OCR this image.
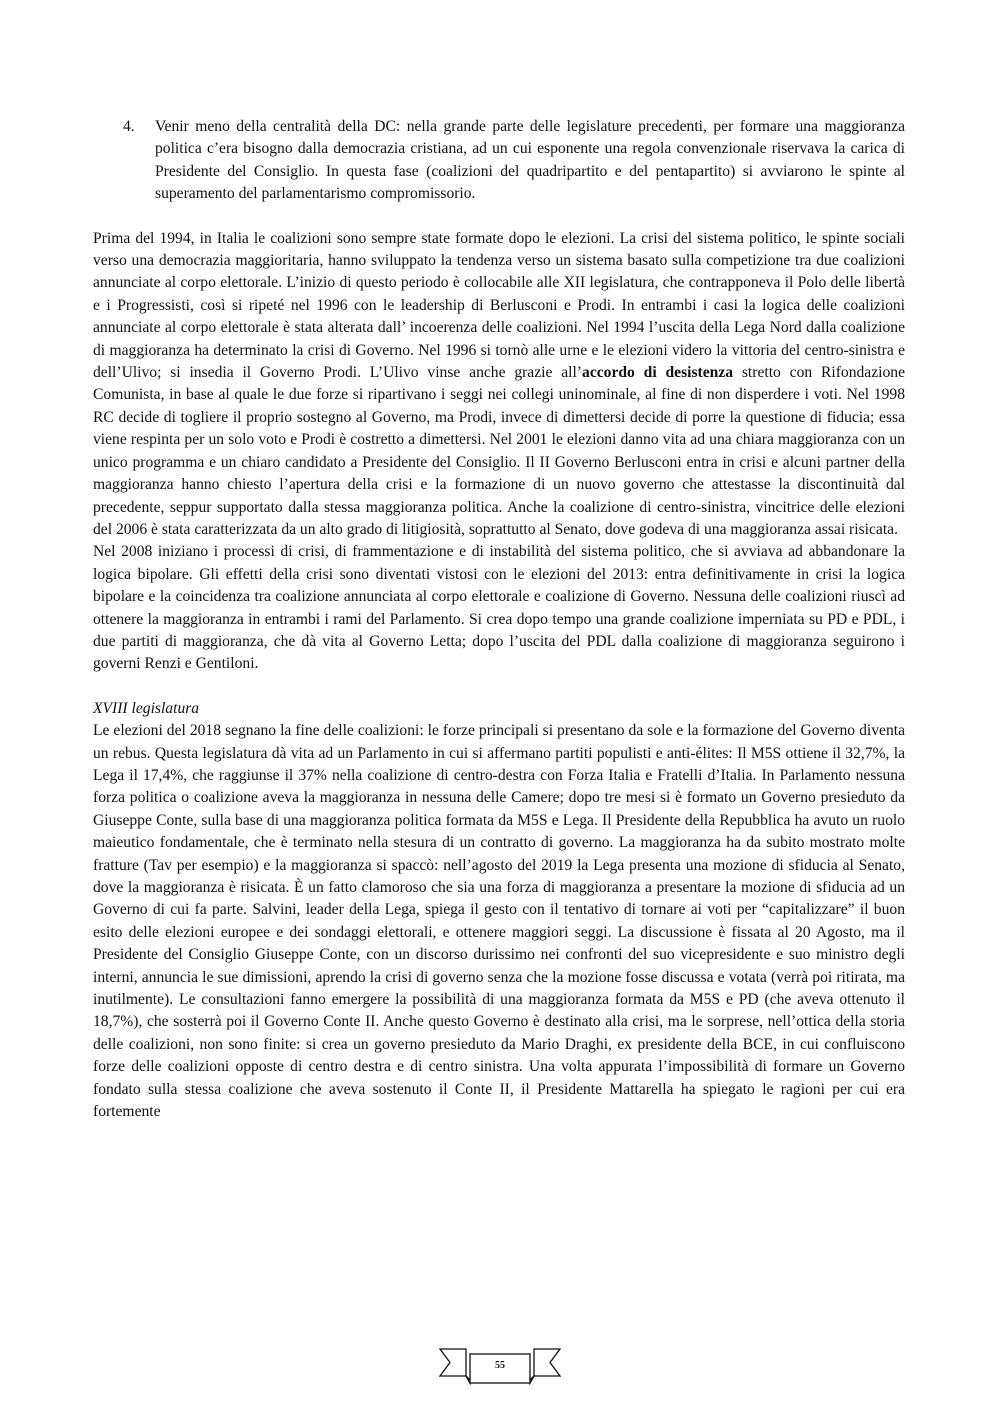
4. Venir meno della centralità della DC: nella grande parte delle legislature precedenti, per formare una maggioranza politica c’era bisogno dalla democrazia cristiana, ad un cui esponente una regola convenzionale riservava la carica di Presidente del Consiglio. In questa fase (coalizioni del quadripartito e del pentapartito) si avviarono le spinte al superamento del parlamentarismo compromissorio.

Prima del 1994, in Italia le coalizioni sono sempre state formate dopo le elezioni. La crisi del sistema politico, le spinte sociali verso una democrazia maggioritaria, hanno sviluppato la tendenza verso un sistema basato sulla competizione tra due coalizioni annunciate al corpo elettorale. L’inizio di questo periodo è collocabile alle XII legislatura, che contrapponeva il Polo delle libertà e i Progressisti, così si ripeté nel 1996 con le leadership di Berlusconi e Prodi. In entrambi i casi la logica delle coalizioni annunciate al corpo elettorale è stata alterata dall’ incoerenza delle coalizioni. Nel 1994 l’uscita della Lega Nord dalla coalizione di maggioranza ha determinato la crisi di Governo. Nel 1996 si tornò alle urne e le elezioni videro la vittoria del centro-sinistra e dell’Ulivo; si insedia il Governo Prodi. L’Ulivo vinse anche grazie all’accordo di desistenza stretto con Rifondazione Comunista, in base al quale le due forze si ripartivano i seggi nei collegi uninominale, al fine di non disperdere i voti. Nel 1998 RC decide di togliere il proprio sostegno al Governo, ma Prodi, invece di dimettersi decide di porre la questione di fiducia; essa viene respinta per un solo voto e Prodi è costretto a dimettersi. Nel 2001 le elezioni danno vita ad una chiara maggioranza con un unico programma e un chiaro candidato a Presidente del Consiglio. Il II Governo Berlusconi entra in crisi e alcuni partner della maggioranza hanno chiesto l’apertura della crisi e la formazione di un nuovo governo che attestasse la discontinuità dal precedente, seppur supportato dalla stessa maggioranza politica. Anche la coalizione di centro-sinistra, vincitrice delle elezioni del 2006 è stata caratterizzata da un alto grado di litigiosità, soprattutto al Senato, dove godeva di una maggioranza assai risicata.

Nel 2008 iniziano i processi di crisi, di frammentazione e di instabilità del sistema politico, che si avviava ad abbandonare la logica bipolare. Gli effetti della crisi sono diventati vistosi con le elezioni del 2013: entra definitivamente in crisi la logica bipolare e la coincidenza tra coalizione annunciata al corpo elettorale e coalizione di Governo. Nessuna delle coalizioni riuscì ad ottenere la maggioranza in entrambi i rami del Parlamento. Si crea dopo tempo una grande coalizione imperniata su PD e PDL, i due partiti di maggioranza, che dà vita al Governo Letta; dopo l’uscita del PDL dalla coalizione di maggioranza seguirono i governi Renzi e Gentiloni.

XVIII legislatura

Le elezioni del 2018 segnano la fine delle coalizioni: le forze principali si presentano da sole e la formazione del Governo diventa un rebus. Questa legislatura dà vita ad un Parlamento in cui si affermano partiti populisti e anti-élites: Il M5S ottiene il 32,7%, la Lega il 17,4%, che raggiunse il 37% nella coalizione di centro-destra con Forza Italia e Fratelli d’Italia. In Parlamento nessuna forza politica o coalizione aveva la maggioranza in nessuna delle Camere; dopo tre mesi si è formato un Governo presieduto da Giuseppe Conte, sulla base di una maggioranza politica formata da M5S e Lega. Il Presidente della Repubblica ha avuto un ruolo maieutico fondamentale, che è terminato nella stesura di un contratto di governo. La maggioranza ha da subito mostrato molte fratture (Tav per esempio) e la maggioranza si spaccò: nell’agosto del 2019 la Lega presenta una mozione di sfiducia al Senato, dove la maggioranza è risicata. È un fatto clamoroso che sia una forza di maggioranza a presentare la mozione di sfiducia ad un Governo di cui fa parte. Salvini, leader della Lega, spiega il gesto con il tentativo di tornare ai voti per “capitalizzare” il buon esito delle elezioni europee e dei sondaggi elettorali, e ottenere maggiori seggi. La discussione è fissata al 20 Agosto, ma il Presidente del Consiglio Giuseppe Conte, con un discorso durissimo nei confronti del suo vicepresidente e suo ministro degli interni, annuncia le sue dimissioni, aprendo la crisi di governo senza che la mozione fosse discussa e votata (verrà poi ritirata, ma inutilmente). Le consultazioni fanno emergere la possibilità di una maggioranza formata da M5S e PD (che aveva ottenuto il 18,7%), che sosterrà poi il Governo Conte II. Anche questo Governo è destinato alla crisi, ma le sorprese, nell’ottica della storia delle coalizioni, non sono finite: si crea un governo presieduto da Mario Draghi, ex presidente della BCE, in cui confluiscono forze delle coalizioni opposte di centro destra e di centro sinistra. Una volta appurata l’impossibilità di formare un Governo fondato sulla stessa coalizione che aveva sostenuto il Conte II, il Presidente Mattarella ha spiegato le ragioni per cui era fortemente

55
